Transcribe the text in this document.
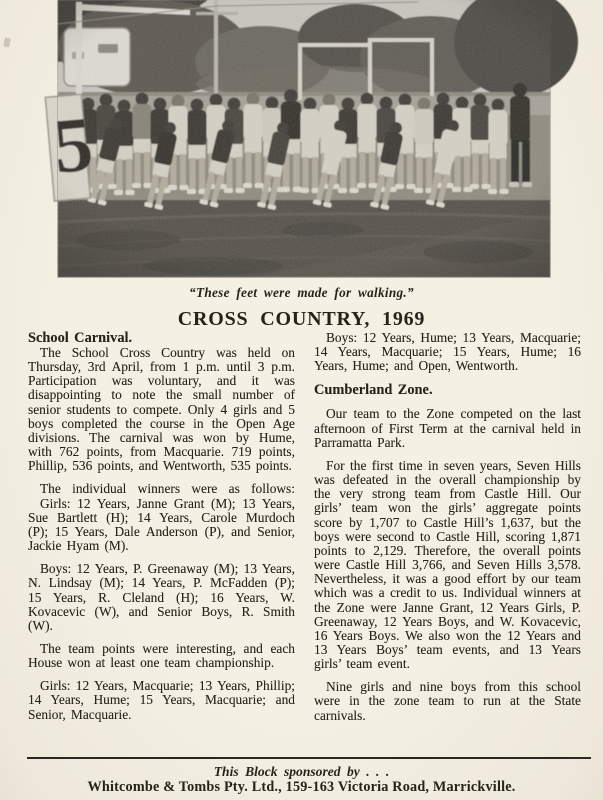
“These feet were made for walking.”
CROSS COUNTRY, 1969
School Carnival.

The School Cross Country was held on Thursday, 3rd April, from 1 p.m. until 3 p.m. Participation was voluntary, and it was disappointing to note the small number of senior students to compete. Only 4 girls and 5 boys completed the course in the Open Age divisions. The carnival was won by Hume, with 762 points, from Macquarie. 719 points, Phillip, 536 points, and Wentworth, 535 points.

The individual winners were as follows:

Girls: 12 Years, Janne Grant (M); 13 Years, Sue Bartlett (H); 14 Years, Carole Murdoch (P); 15 Years, Dale Anderson (P), and Senior, Jackie Hyam (M).

Boys: 12 Years, P. Greenaway (M); 13 Years, N. Lindsay (M); 14 Years, P. McFadden (P); 15 Years, R. Cleland (H); 16 Years, W. Kovacevic (W), and Senior Boys, R. Smith (W).

The team points were interesting, and each House won at least one team championship.

Girls: 12 Years, Macquarie; 13 Years, Phillip; 14 Years, Hume; 15 Years, Macquarie; and Senior, Macquarie.

Boys: 12 Years, Hume; 13 Years, Macquarie; 14 Years, Macquarie; 15 Years, Hume; 16 Years, Hume; and Open, Wentworth.

Cumberland Zone.

Our team to the Zone competed on the last afternoon of First Term at the carnival held in Parramatta Park.

For the first time in seven years, Seven Hills was defeated in the overall championship by the very strong team from Castle Hill. Our girls’ team won the girls’ aggregate points score by 1,707 to Castle Hill’s 1,637, but the boys were second to Castle Hill, scoring 1,871 points to 2,129. Therefore, the overall points were Castle Hill 3,766, and Seven Hills 3,578. Nevertheless, it was a good effort by our team which was a credit to us. Individual winners at the Zone were Janne Grant, 12 Years Girls, P. Greenaway, 12 Years Boys, and W. Kovacevic, 16 Years Boys. We also won the 12 Years and 13 Years Boys’ team events, and 13 Years girls’ team event.

Nine girls and nine boys from this school were in the zone team to run at the State carnivals.

This Block sponsored by . . .
Whitcombe & Tombs Pty. Ltd., 159-163 Victoria Road, Marrickville.
